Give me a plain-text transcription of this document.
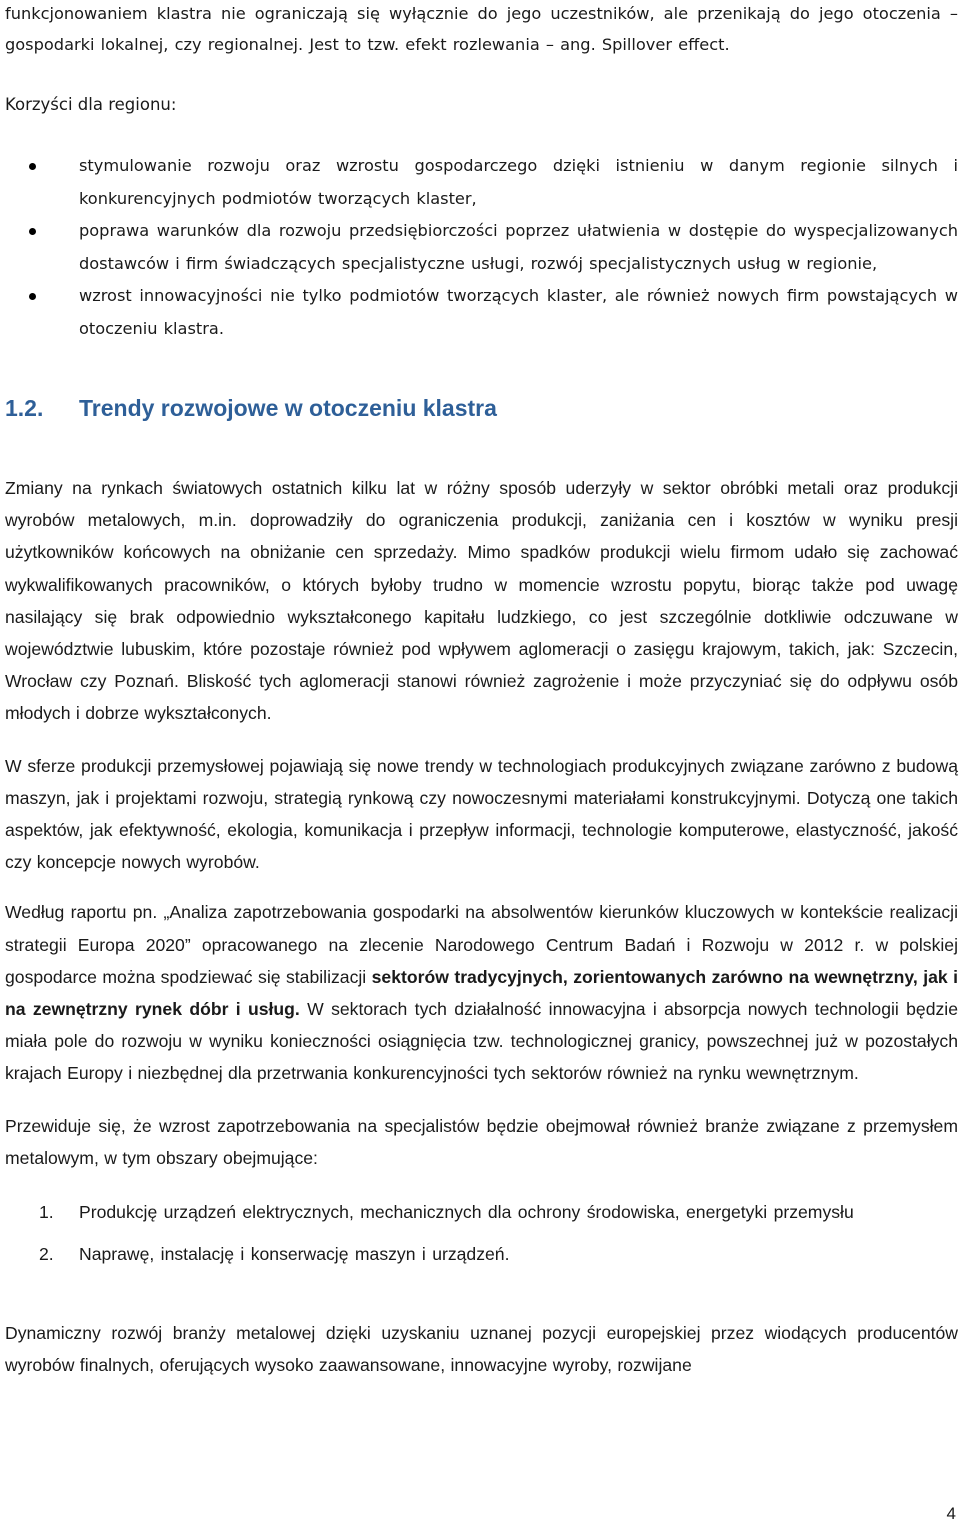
funkcjonowaniem klastra nie ograniczają się wyłącznie do jego uczestników, ale przenikają do jego otoczenia – gospodarki lokalnej, czy regionalnej. Jest to tzw. efekt rozlewania – ang. Spillover effect.

Korzyści dla regionu:

stymulowanie rozwoju oraz wzrostu gospodarczego dzięki istnieniu w danym regionie silnych i konkurencyjnych podmiotów tworzących klaster,
poprawa warunków dla rozwoju przedsiębiorczości poprzez ułatwienia w dostępie do wyspecjalizowanych dostawców i firm świadczących specjalistyczne usługi, rozwój specjalistycznych usług w regionie,
wzrost innowacyjności nie tylko podmiotów tworzących klaster, ale również nowych firm powstających w otoczeniu klastra.
1.2.	Trendy rozwojowe w otoczeniu klastra

Zmiany na rynkach światowych ostatnich kilku lat w różny sposób uderzyły w sektor obróbki metali oraz produkcji wyrobów metalowych, m.in. doprowadziły do ograniczenia produkcji, zaniżania cen i kosztów w wyniku presji użytkowników końcowych na obniżanie cen sprzedaży. Mimo spadków produkcji wielu firmom udało się zachować wykwalifikowanych pracowników, o których byłoby trudno w momencie wzrostu popytu, biorąc także pod uwagę nasilający się brak odpowiednio wykształconego kapitału ludzkiego, co jest szczególnie dotkliwie odczuwane w województwie lubuskim, które pozostaje również pod wpływem aglomeracji o zasięgu krajowym, takich, jak: Szczecin, Wrocław czy Poznań. Bliskość tych aglomeracji stanowi również zagrożenie i może przyczyniać się do odpływu osób młodych i dobrze wykształconych.

W sferze produkcji przemysłowej pojawiają się nowe trendy w technologiach produkcyjnych związane zarówno z budową maszyn, jak i projektami rozwoju, strategią rynkową czy nowoczesnymi materiałami konstrukcyjnymi. Dotyczą one takich aspektów, jak efektywność, ekologia, komunikacja i przepływ informacji, technologie komputerowe, elastyczność, jakość czy koncepcje nowych wyrobów.

Według raportu pn. „Analiza zapotrzebowania gospodarki na absolwentów kierunków kluczowych w kontekście realizacji strategii Europa 2020” opracowanego na zlecenie Narodowego Centrum Badań i Rozwoju w 2012 r. w polskiej gospodarce można spodziewać się stabilizacji sektorów tradycyjnych, zorientowanych zarówno na wewnętrzny, jak i na zewnętrzny rynek dóbr i usług. W sektorach tych działalność innowacyjna i absorpcja nowych technologii będzie miała pole do rozwoju w wyniku konieczności osiągnięcia tzw. technologicznej granicy, powszechnej już w pozostałych krajach Europy i niezbędnej dla przetrwania konkurencyjności tych sektorów również na rynku wewnętrznym.

Przewiduje się, że wzrost zapotrzebowania na specjalistów będzie obejmował również branże związane z przemysłem metalowym, w tym obszary obejmujące:

1. Produkcję urządzeń elektrycznych, mechanicznych dla ochrony środowiska, energetyki przemysłu
2. Naprawę, instalację i konserwację maszyn i urządzeń.

Dynamiczny rozwój branży metalowej dzięki uzyskaniu uznanej pozycji europejskiej przez wiodących producentów wyrobów finalnych, oferujących wysoko zaawansowane, innowacyjne wyroby, rozwijane

4
